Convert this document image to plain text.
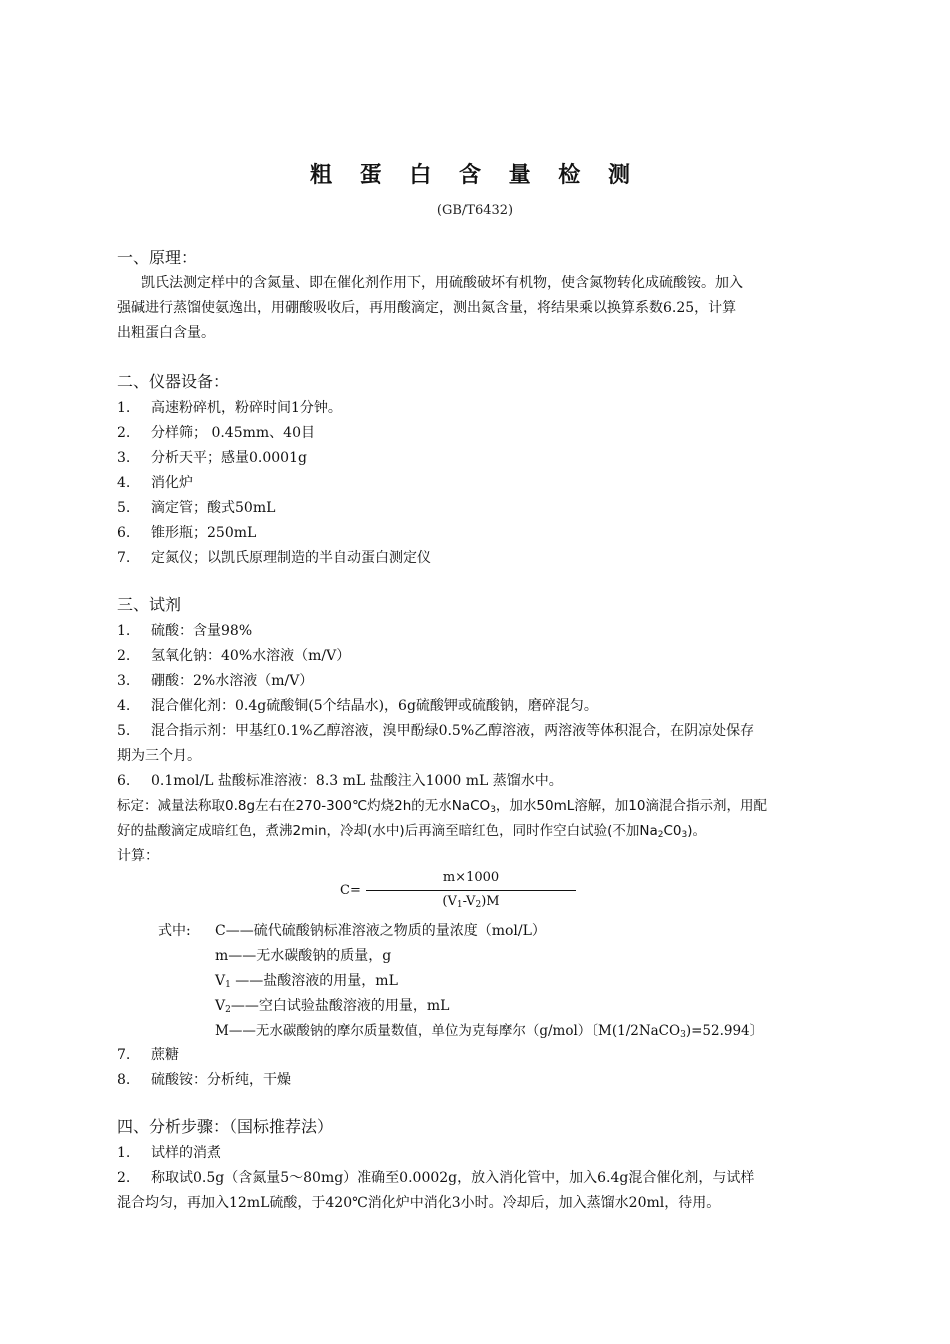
粗 蛋 白 含 量 检 测
(GB/T6432)
一、原理：
凯氏法测定样中的含氮量、即在催化剂作用下，用硫酸破坏有机物，使含氮物转化成硫酸铵。加入
强碱进行蒸馏使氨逸出，用硼酸吸收后，再用酸滴定，测出氮含量，将结果乘以换算系数6.25，计算
出粗蛋白含量。
二、仪器设备：
1. 高速粉碎机，粉碎时间1分钟。
2. 分样筛； 0.45mm、40目
3. 分析天平；感量0.0001g
4. 消化炉
5. 滴定管；酸式50mL
6. 锥形瓶；250mL
7. 定氮仪；以凯氏原理制造的半自动蛋白测定仪
三、试剂
1. 硫酸：含量98%
2. 氢氧化钠：40%水溶液（m/V）
3. 硼酸：2%水溶液（m/V）
4. 混合催化剂：0.4g硫酸铜(5个结晶水)，6g硫酸钾或硫酸钠，磨碎混匀。
5. 混合指示剂：甲基红0.1%乙醇溶液，溴甲酚绿0.5%乙醇溶液，两溶液等体积混合，在阴凉处保存
期为三个月。
6. 0.1mol/L 盐酸标准溶液：8.3 mL 盐酸注入1000 mL 蒸馏水中。
标定：减量法称取0.8g左右在270-300℃灼烧2h的无水NaCO$_3$，加水50mL溶解，加10滴混合指示剂，用配
好的盐酸滴定成暗红色，煮沸2min，冷却(水中)后再滴至暗红色，同时作空白试验(不加$Na_2C0_3$)。
计算：
C=
m×1000
$(V_1-V_2)M$
式中: C——硫代硫酸钠标准溶液之物质的量浓度（mol/L）
m——无水碳酸钠的质量，g
$V_1$ ——盐酸溶液的用量，mL
$V_2——$空白试验盐酸溶液的用量，mL
M——无水碳酸钠的摩尔质量数值，单位为克每摩尔（g/mol）〔M(1/2NaCO$_3$)=52.994〕
7. 蔗糖
8. 硫酸铵：分析纯，干燥
四、分析步骤：（国标推荐法）
1. 试样的消煮
2. 称取试0.5g（含氮量5～80mg）准确至0.0002g，放入消化管中，加入6.4g混合催化剂，与试样
混合均匀，再加入12mL硫酸，于420℃消化炉中消化3小时。冷却后，加入蒸馏水20ml，待用。
